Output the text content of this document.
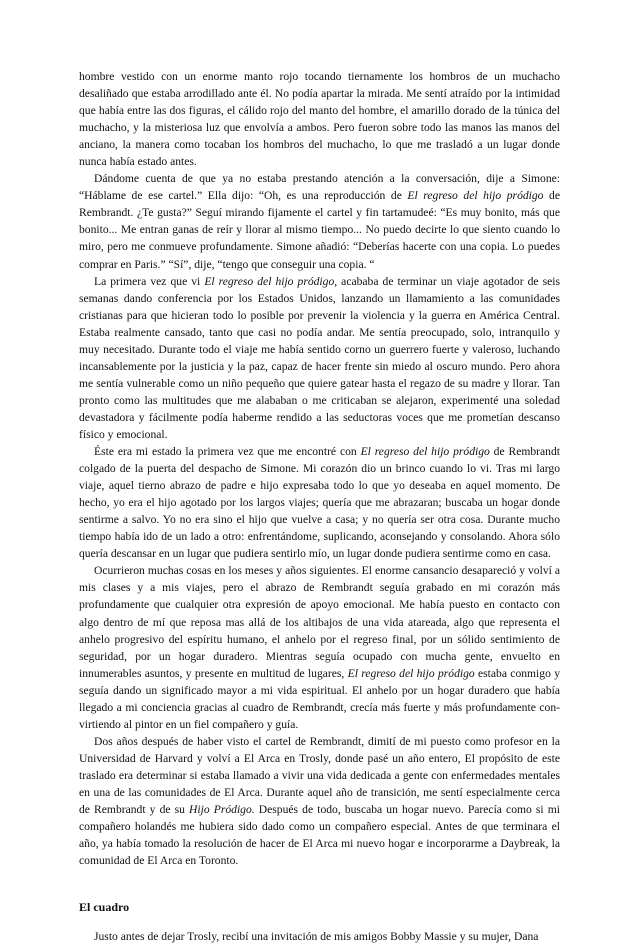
hombre vestido con un enorme manto rojo tocando tiernamente los hombros de un muchacho desaliñado que estaba arrodillado ante él. No podía apartar la mirada. Me sentí atraído por la intimidad que había entre las dos figuras, el cálido rojo del manto del hombre, el amarillo dorado de la túnica del muchacho, y la misteriosa luz que envolvía a ambos. Pero fueron sobre todo las manos las manos del anciano, la manera como tocaban los hombros del muchacho, lo que me trasladó a un lugar donde nunca había estado antes.

Dándome cuenta de que ya no estaba prestando atención a la conversación, dije a Simone: “Háblame de ese cartel.” Ella dijo: “Oh, es una reproducción de El regreso del hijo pródigo de Rembrandt. ¿Te gusta?” Seguí mirando fijamente el cartel y fin tartamudeé: “Es muy bonito, más que bonito... Me entran ganas de reír y llorar al mismo tiempo... No puedo decirte lo que siento cuando lo miro, pero me conmueve profundamente. Simone añadió: “Deberías hacerte con una copia. Lo puedes comprar en Paris.” “Sí”, dije, “tengo que conseguir una copia. “

La primera vez que vi El regreso del hijo pródigo, acababa de terminar un viaje agotador de seis semanas dando conferencia por los Estados Unidos, lanzando un llamamiento a las comunidades cristianas para que hicieran todo lo posible por prevenir la violencia y la guerra en América Central. Estaba realmente cansado, tanto que casi no podía andar. Me sentía preocupado, solo, intranquilo y muy necesitado. Durante todo el viaje me había sentido corno un guerrero fuerte y valeroso, luchando incansablemente por la justicia y la paz, capaz de hacer frente sin miedo al oscuro mundo. Pero ahora me sentía vulnerable como un niño pequeño que quiere gatear hasta el regazo de su madre y llorar. Tan pronto como las multitudes que me alababan o me criticaban se alejaron, experimenté una soledad devastadora y fácilmente podía haberme rendido a las seductoras voces que me prometían descanso físico y emocional.

Éste era mi estado la primera vez que me encontré con El regreso del hijo pródigo de Rembrandt colgado de la puerta del despacho de Simone. Mi corazón dio un brinco cuando lo vi. Tras mi largo viaje, aquel tierno abrazo de padre e hijo expresaba todo lo que yo deseaba en aquel momento. De hecho, yo era el hijo agotado por los largos viajes; quería que me abrazaran; buscaba un hogar donde sentirme a salvo. Yo no era sino el hijo que vuelve a casa; y no quería ser otra cosa. Durante mucho tiempo había ido de un lado a otro: enfrentándome, suplicando, aconsejando y consolando. Ahora sólo quería descansar en un lugar que pudiera sentirlo mío, un lugar donde pudiera sentirme como en casa.

Ocurrieron muchas cosas en los meses y años siguientes. El enorme cansancio desapareció y volví a mis clases y a mis viajes, pero el abrazo de Rembrandt seguía grabado en mi corazón más profundamente que cualquier otra expresión de apoyo emocional. Me había puesto en contacto con algo dentro de mí que reposa mas allá de los altibajos de una vida atareada, algo que representa el anhelo progresivo del espíritu humano, el anhelo por el regreso final, por un sólido sentimiento de seguridad, por un hogar duradero. Mientras seguía ocupado con mucha gente, envuelto en innumerables asuntos, y presente en multitud de lugares, El regreso del hijo pródigo estaba conmigo y seguía dando un significado mayor a mi vida espiritual. El anhelo por un hogar duradero que había llegado a mi conciencia gracias al cuadro de Rembrandt, crecía más fuerte y más profundamente con-virtiendo al pintor en un fiel compañero y guía.

Dos años después de haber visto el cartel de Rembrandt, dimití de mi puesto como profesor en la Universidad de Harvard y volví a El Arca en Trosly, donde pasé un año entero, El propósito de este traslado era determinar si estaba llamado a vivir una vida dedicada a gente con enfermedades mentales en una de las comunidades de El Arca. Durante aquel año de transición, me sentí especialmente cerca de Rembrandt y de su Hijo Pródigo. Después de todo, buscaba un hogar nuevo. Parecía como si mi compañero holandés me hubiera sido dado como un compañero especial. Antes de que terminara el año, ya había tomado la resolución de hacer de El Arca mi nuevo hogar e incorporarme a Daybreak, la comunidad de El Arca en Toronto.

El cuadro

Justo antes de dejar Trosly, recibí una invitación de mis amigos Bobby Massie y su mujer, Dana
